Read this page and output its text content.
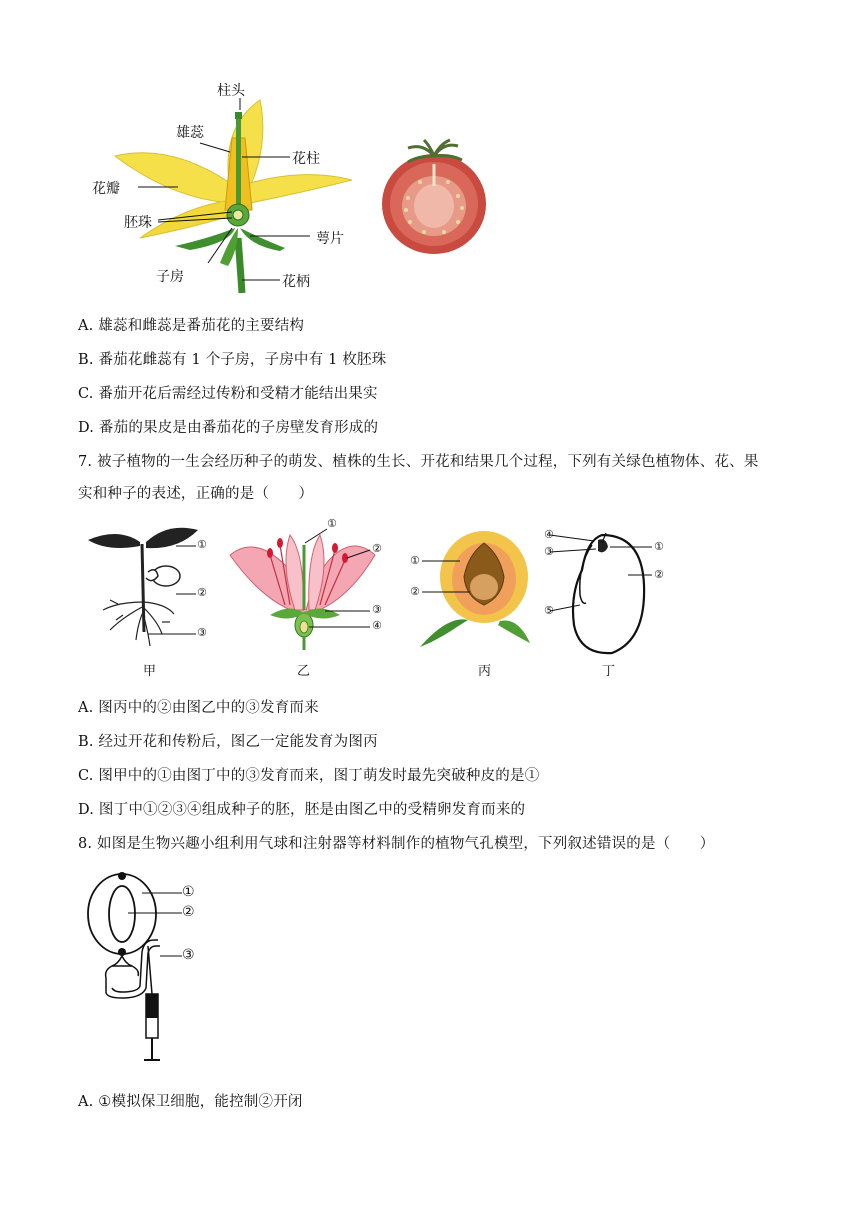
柱头
雄蕊
花柱
花瓣
胚珠
萼片
子房	花柄
A. 雄蕊和雌蕊是番茄花的主要结构
B. 番茄花雌蕊有 1 个子房，子房中有 1 枚胚珠
C. 番茄开花后需经过传粉和受精才能结出果实
D. 番茄的果皮是由番茄花的子房壁发育形成的
7. 被子植物的一生会经历种子的萌发、植株的生长、开花和结果几个过程，下列有关绿色植物体、花、果
实和种子的表述，正确的是（　　）
①
②
③
甲
①
②
③
④
乙
①
②
丙
④
③
⑤
①
②
丁
A. 图丙中的②由图乙中的③发育而来
B. 经过开花和传粉后，图乙一定能发育为图丙
C. 图甲中的①由图丁中的③发育而来，图丁萌发时最先突破种皮的是①
D. 图丁中①②③④组成种子的胚，胚是由图乙中的受精卵发育而来的
8. 如图是生物兴趣小组利用气球和注射器等材料制作的植物气孔模型，下列叙述错误的是（　　）
①
②
③
A. ①模拟保卫细胞，能控制②开闭
